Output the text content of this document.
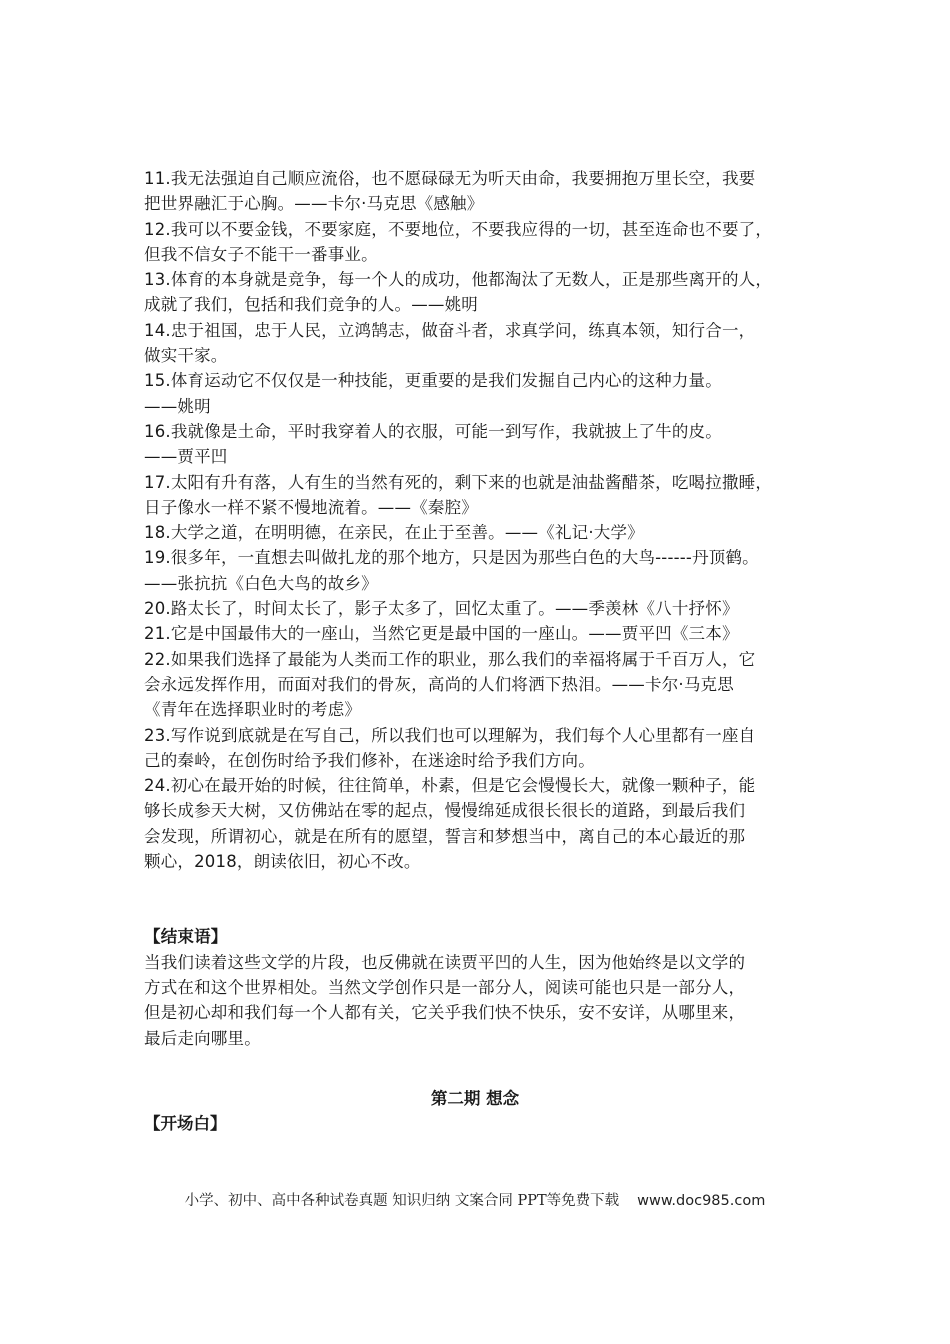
11.我无法强迫自己顺应流俗，也不愿碌碌无为听天由命，我要拥抱万里长空，我要
把世界融汇于心胸。——卡尔·马克思《感触》
12.我可以不要金钱，不要家庭，不要地位，不要我应得的一切，甚至连命也不要了，
但我不信女子不能干一番事业。
13.体育的本身就是竞争，每一个人的成功，他都淘汰了无数人，正是那些离开的人，
成就了我们，包括和我们竞争的人。——姚明
14.忠于祖国，忠于人民，立鸿鹄志，做奋斗者，求真学问，练真本领，知行合一，
做实干家。
15.体育运动它不仅仅是一种技能，更重要的是我们发掘自己内心的这种力量。
——姚明
16.我就像是土命，平时我穿着人的衣服，可能一到写作，我就披上了牛的皮。
——贾平凹
17.太阳有升有落，人有生的当然有死的，剩下来的也就是油盐酱醋茶，吃喝拉撒睡，
日子像水一样不紧不慢地流着。——《秦腔》
18.大学之道，在明明德，在亲民，在止于至善。——《礼记·大学》
19.很多年，一直想去叫做扎龙的那个地方，只是因为那些白色的大鸟------丹顶鹤。
——张抗抗《白色大鸟的故乡》
20.路太长了，时间太长了，影子太多了，回忆太重了。——季羡林《八十抒怀》
21.它是中国最伟大的一座山，当然它更是最中国的一座山。——贾平凹《三本》
22.如果我们选择了最能为人类而工作的职业，那么我们的幸福将属于千百万人，它
会永远发挥作用，而面对我们的骨灰，高尚的人们将洒下热泪。——卡尔·马克思
《青年在选择职业时的考虑》
23.写作说到底就是在写自己，所以我们也可以理解为，我们每个人心里都有一座自
己的秦岭，在创伤时给予我们修补，在迷途时给予我们方向。
24.初心在最开始的时候，往往简单，朴素，但是它会慢慢长大，就像一颗种子，能
够长成参天大树，又仿佛站在零的起点，慢慢绵延成很长很长的道路，到最后我们
会发现，所谓初心，就是在所有的愿望，誓言和梦想当中，离自己的本心最近的那
颗心，2018，朗读依旧，初心不改。
【结束语】
当我们读着这些文学的片段，也反佛就在读贾平凹的人生，因为他始终是以文学的
方式在和这个世界相处。当然文学创作只是一部分人，阅读可能也只是一部分人，
但是初心却和我们每一个人都有关，它关乎我们快不快乐，安不安详，从哪里来，
最后走向哪里。
第二期 想念
【开场白】
小学、初中、高中各种试卷真题 知识归纳 文案合同 PPT等免费下载 www.doc985.com
